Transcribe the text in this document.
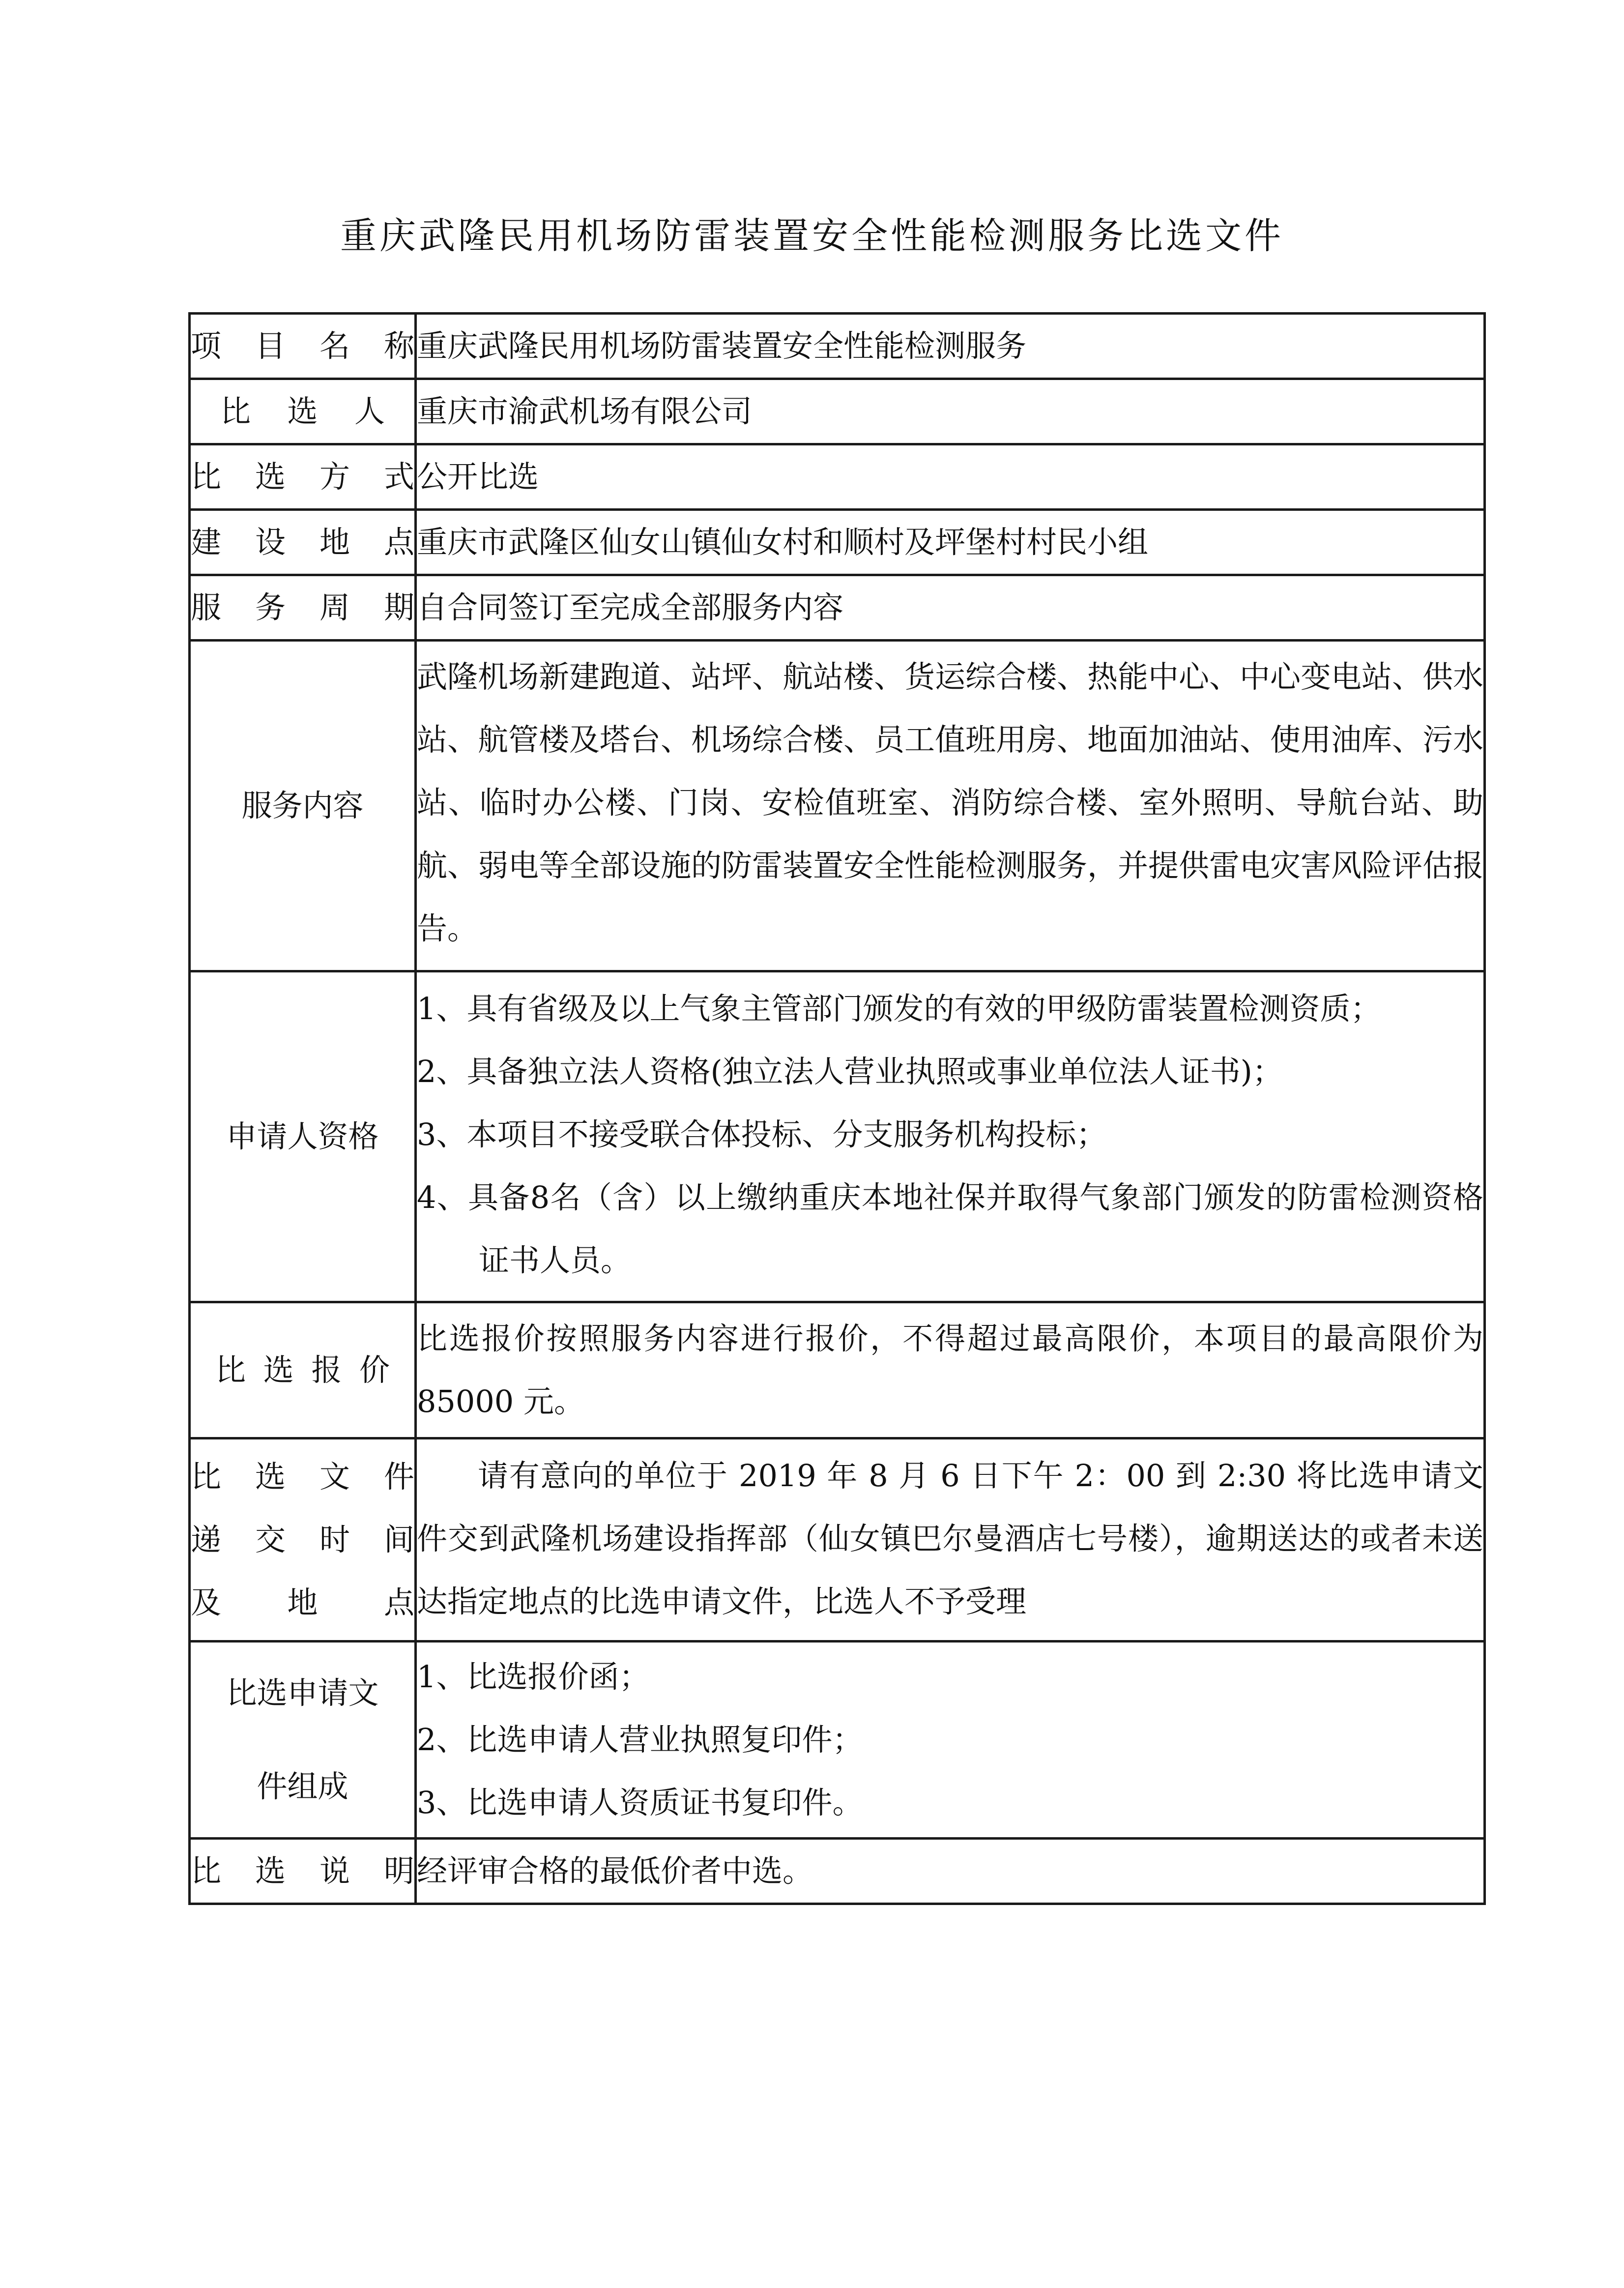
重庆武隆民用机场防雷装置安全性能检测服务比选文件
项目名称	重庆武隆民用机场防雷装置安全性能检测服务
比选人	重庆市渝武机场有限公司
比选方式	公开比选
建设地点	重庆市武隆区仙女山镇仙女村和顺村及坪堡村村民小组
服务周期	自合同签订至完成全部服务内容
服务内容	武隆机场新建跑道、站坪、航站楼、货运综合楼、热能中心、中心变电站、供水站、航管楼及塔台、机场综合楼、员工值班用房、地面加油站、使用油库、污水站、临时办公楼、门岗、安检值班室、消防综合楼、室外照明、导航台站、助航、弱电等全部设施的防雷装置安全性能检测服务，并提供雷电灾害风险评估报告。
申请人资格	1、具有省级及以上气象主管部门颁发的有效的甲级防雷装置检测资质；
2、具备独立法人资格(独立法人营业执照或事业单位法人证书)；
3、本项目不接受联合体投标、分支服务机构投标；
4、具备8名（含）以上缴纳重庆本地社保并取得气象部门颁发的防雷检测资格证书人员。

比选报价	比选报价按照服务内容进行报价，不得超过最高限价，本项目的最高限价为 85000 元。

比选文件
递交时间
及地点	请有意向的单位于 2019 年 8 月 6 日下午 2：00 到 2:30 将比选申请文件交到武隆机场建设指挥部（仙女镇巴尔曼酒店七号楼），逾期送达的或者未送达指定地点的比选申请文件，比选人不予受理

比选申请文
件组成	1、比选报价函；
2、比选申请人营业执照复印件；
3、比选申请人资质证书复印件。

比选说明	经评审合格的最低价者中选。
